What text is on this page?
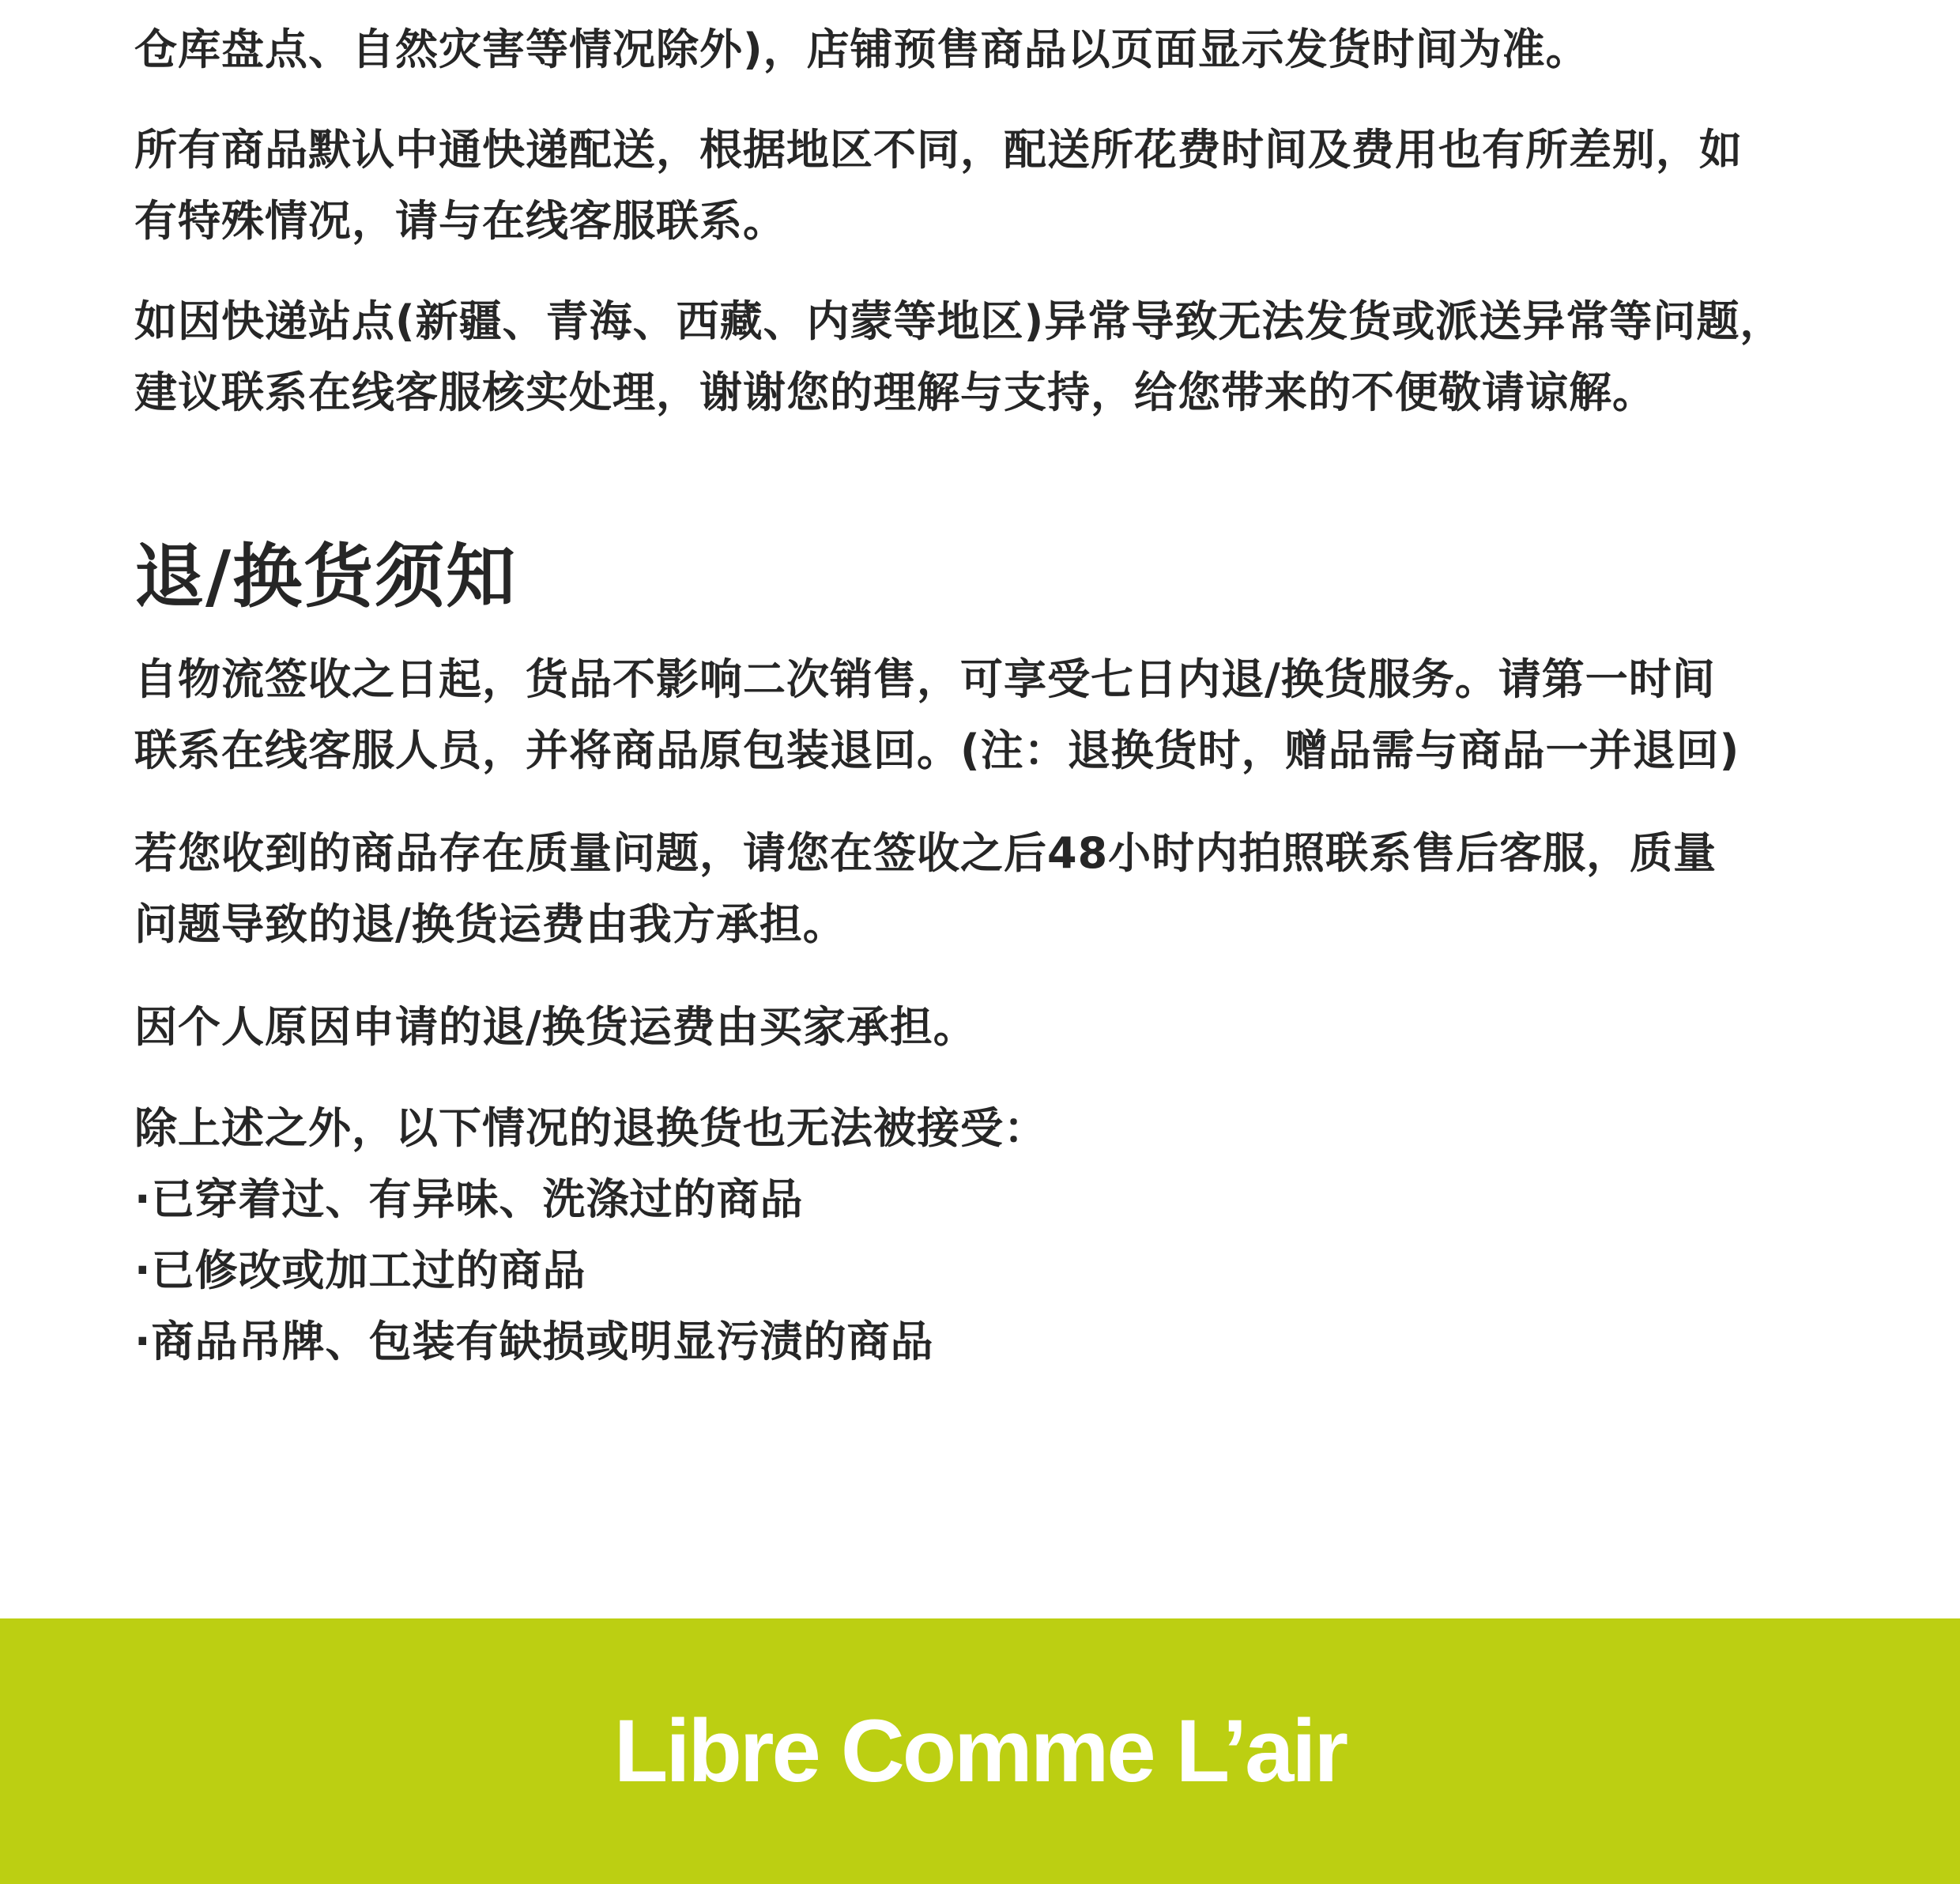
仓库盘点、自然灾害等情况除外)，店铺预售商品以页面显示发货时间为准。
所有商品默认中通快递配送，根据地区不同，配送所花费时间及费用也有所差别，如
有特殊情况，请与在线客服联系。
如因快递站点(新疆、青海、西藏、内蒙等地区)异常导致无法发货或派送异常等问题，
建议联系在线客服核实处理，谢谢您的理解与支持，给您带来的不便敬请谅解。
退/换货须知
自物流签收之日起，货品不影响二次销售，可享受七日内退/换货服务。请第一时间
联系在线客服人员，并将商品原包装退回。(注：退换货时，赠品需与商品一并退回)
若您收到的商品存在质量问题，请您在签收之后48小时内拍照联系售后客服，质量
问题导致的退/换货运费由我方承担。
因个人原因申请的退/换货运费由买家承担。
除上述之外，以下情况的退换货也无法被接受：
·已穿着过、有异味、洗涤过的商品
·已修改或加工过的商品
·商品吊牌、包装有缺损或明显污渍的商品
Libre Comme L’air
